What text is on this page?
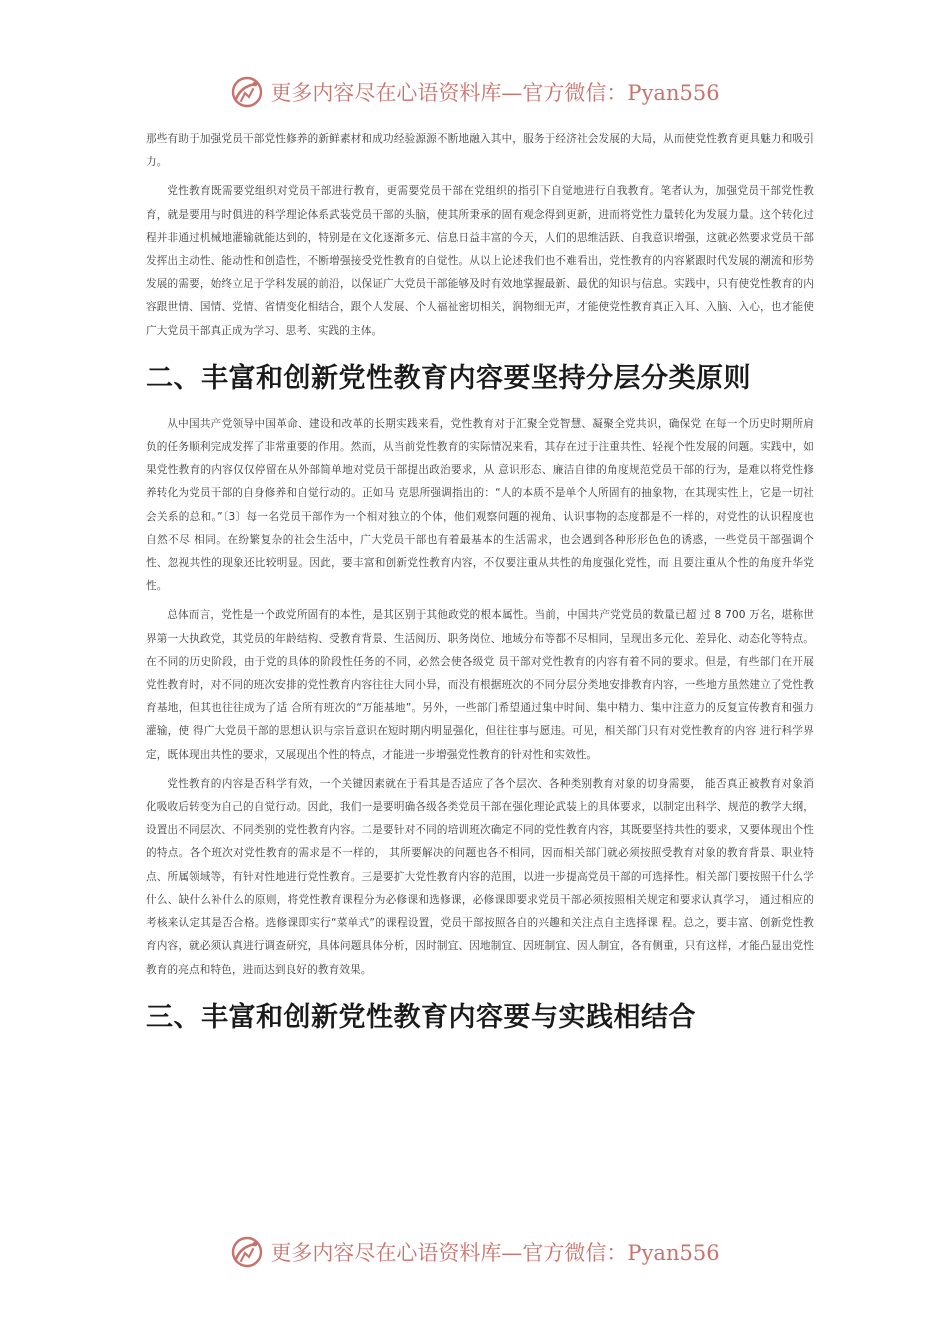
更多内容尽在心语资料库—官方微信：Pyan556

那些有助于加强党员干部党性修养的新鲜素材和成功经验源源不断地融入其中，服务于经济社会发展的大局，从而使党性教育更具魅力和吸引力。

党性教育既需要党组织对党员干部进行教育，更需要党员干部在党组织的指引下自觉地进行自我教育。笔者认为，加强党员干部党性教育，就是要用与时俱进的科学理论体系武装党员干部的头脑，使其所秉承的固有观念得到更新，进而将党性力量转化为发展力量。这个转化过程并非通过机械地灌输就能达到的，特别是在文化逐渐多元、信息日益丰富的今天，人们的思维活跃、自我意识增强，这就必然要求党员干部发挥出主动性、能动性和创造性，不断增强接受党性教育的自觉性。从以上论述我们也不难看出，党性教育的内容紧跟时代发展的潮流和形势发展的需要，始终立足于学科发展的前沿，以保证广大党员干部能够及时有效地掌握最新、最优的知识与信息。实践中，只有使党性教育的内容跟世情、国情、党情、省情变化相结合，跟个人发展、个人福祉密切相关，润物细无声，才能使党性教育真正入耳、入脑、入心，也才能使广大党员干部真正成为学习、思考、实践的主体。

二、丰富和创新党性教育内容要坚持分层分类原则

从中国共产党领导中国革命、建设和改革的长期实践来看，党性教育对于汇聚全党智慧、凝聚全党共识，确保党 在每一个历史时期所肩负的任务顺利完成发挥了非常重要的作用。然而，从当前党性教育的实际情况来看，其存在过于注重共性、轻视个性发展的问题。实践中，如果党性教育的内容仅仅停留在从外部简单地对党员干部提出政治要求，从 意识形态、廉洁自律的角度规范党员干部的行为，是难以将党性修养转化为党员干部的自身修养和自觉行动的。正如马 克思所强调指出的：“人的本质不是单个人所固有的抽象物，在其现实性上，它是一切社会关系的总和。”〔3〕每一名党员干部作为一个相对独立的个体，他们观察问题的视角、认识事物的态度都是不一样的，对党性的认识程度也自然不尽 相同。在纷繁复杂的社会生活中，广大党员干部也有着最基本的生活需求，也会遇到各种形形色色的诱惑，一些党员干部强调个性、忽视共性的现象还比较明显。因此，要丰富和创新党性教育内容，不仅要注重从共性的角度强化党性，而 且要注重从个性的角度升华党性。

总体而言，党性是一个政党所固有的本性，是其区别于其他政党的根本属性。当前，中国共产党党员的数量已超 过 8 700 万名，堪称世界第一大执政党，其党员的年龄结构、受教育背景、生活阅历、职务岗位、地域分布等都不尽相同，呈现出多元化、差异化、动态化等特点。在不同的历史阶段，由于党的具体的阶段性任务的不同，必然会使各级党 员干部对党性教育的内容有着不同的要求。但是，有些部门在开展党性教育时，对不同的班次安排的党性教育内容往往大同小异，而没有根据班次的不同分层分类地安排教育内容，一些地方虽然建立了党性教育基地，但其也往往成为了适 合所有班次的“万能基地”。另外，一些部门希望通过集中时间、集中精力、集中注意力的反复宣传教育和强力灌输，使 得广大党员干部的思想认识与宗旨意识在短时期内明显强化，但往往事与愿违。可见，相关部门只有对党性教育的内容 进行科学界定，既体现出共性的要求，又展现出个性的特点，才能进一步增强党性教育的针对性和实效性。

党性教育的内容是否科学有效，一个关键因素就在于看其是否适应了各个层次、各种类别教育对象的切身需要， 能否真正被教育对象消化吸收后转变为自己的自觉行动。因此，我们一是要明确各级各类党员干部在强化理论武装上的具体要求，以制定出科学、规范的教学大纲，设置出不同层次、不同类别的党性教育内容。二是要针对不同的培训班次确定不同的党性教育内容，其既要坚持共性的要求，又要体现出个性的特点。各个班次对党性教育的需求是不一样的， 其所要解决的问题也各不相同，因而相关部门就必须按照受教育对象的教育背景、职业特点、所属领域等，有针对性地进行党性教育。三是要扩大党性教育内容的范围，以进一步提高党员干部的可选择性。相关部门要按照干什么学什么、缺什么补什么的原则，将党性教育课程分为必修课和选修课，必修课即要求党员干部必须按照相关规定和要求认真学习， 通过相应的考核来认定其是否合格。选修课即实行“菜单式”的课程设置，党员干部按照各自的兴趣和关注点自主选择课 程。总之，要丰富、创新党性教育内容，就必须认真进行调查研究，具体问题具体分析，因时制宜、因地制宜、因班制宜、因人制宜，各有侧重，只有这样，才能凸显出党性教育的亮点和特色，进而达到良好的教育效果。

三、丰富和创新党性教育内容要与实践相结合
更多内容尽在心语资料库—官方微信：Pyan556
